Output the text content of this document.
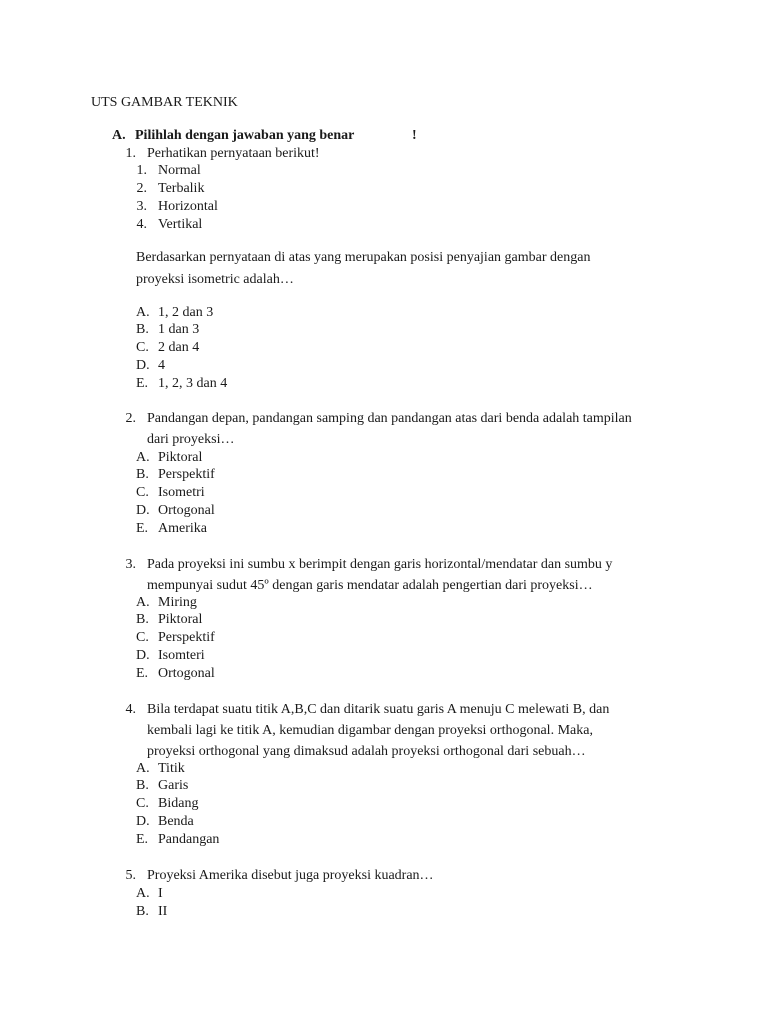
UTS GAMBAR TEKNIK
A. Pilihlah dengan jawaban yang benar	!
1. Perhatikan pernyataan berikut!
1. Normal
2. Terbalik
3. Horizontal
4. Vertikal
Berdasarkan pernyataan di atas yang merupakan posisi penyajian gambar dengan
proyeksi isometric adalah…
A. 1, 2 dan 3
B. 1 dan 3
C. 2 dan 4
D. 4
E. 1, 2, 3 dan 4
2. Pandangan depan, pandangan samping dan pandangan atas dari benda adalah tampilan
dari proyeksi…
A. Piktoral
B. Perspektif
C. Isometri
D. Ortogonal
E. Amerika
3. Pada proyeksi ini sumbu x berimpit dengan garis horizontal/mendatar dan sumbu y
mempunyai sudut 45º dengan garis mendatar adalah pengertian dari proyeksi…
A. Miring
B. Piktoral
C. Perspektif
D. Isomteri
E. Ortogonal
4. Bila terdapat suatu titik A,B,C dan ditarik suatu garis A menuju C melewati B, dan
kembali lagi ke titik A, kemudian digambar dengan proyeksi orthogonal. Maka,
proyeksi orthogonal yang dimaksud adalah proyeksi orthogonal dari sebuah…
A. Titik
B. Garis
C. Bidang
D. Benda
E. Pandangan
5. Proyeksi Amerika disebut juga proyeksi kuadran…
A. I
B. II
